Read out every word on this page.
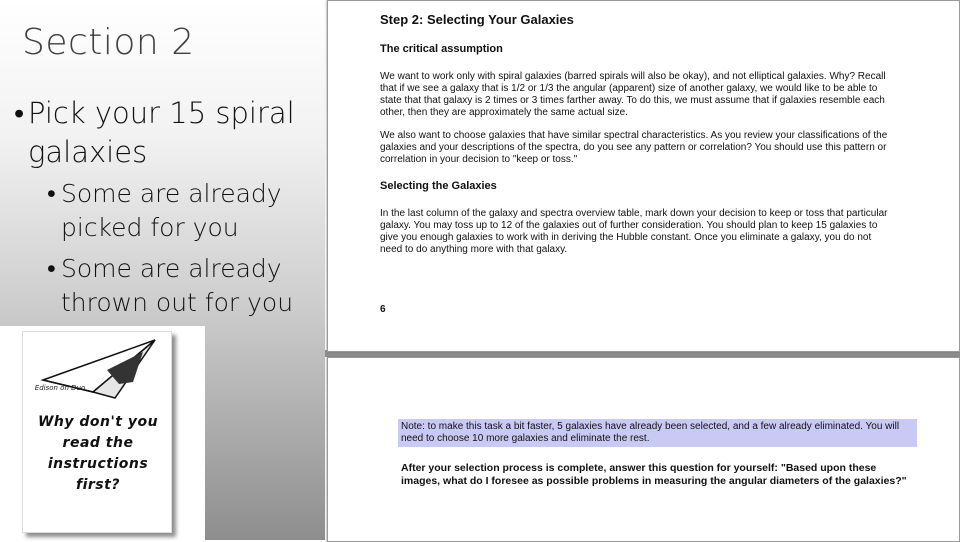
Section 2
• Pick your 15 spiral galaxies
• Some are already picked for you
• Some are already thrown out for you
Edison on Duo
Why don't you read the instructions first?
Step 2: Selecting Your Galaxies
The critical assumption
We want to work only with spiral galaxies (barred spirals will also be okay), and not elliptical galaxies. Why? Recall that if we see a galaxy that is 1/2 or 1/3 the angular (apparent) size of another galaxy, we would like to be able to state that that galaxy is 2 times or 3 times farther away. To do this, we must assume that if galaxies resemble each other, then they are approximately the same actual size.
We also want to choose galaxies that have similar spectral characteristics. As you review your classifications of the galaxies and your descriptions of the spectra, do you see any pattern or correlation? You should use this pattern or correlation in your decision to "keep or toss."
Selecting the Galaxies
In the last column of the galaxy and spectra overview table, mark down your decision to keep or toss that particular galaxy. You may toss up to 12 of the galaxies out of further consideration. You should plan to keep 15 galaxies to give you enough galaxies to work with in deriving the Hubble constant. Once you eliminate a galaxy, you do not need to do anything more with that galaxy.
6
Note: to make this task a bit faster, 5 galaxies have already been selected, and a few already eliminated. You will need to choose 10 more galaxies and eliminate the rest.
After your selection process is complete, answer this question for yourself: "Based upon these images, what do I foresee as possible problems in measuring the angular diameters of the galaxies?"
